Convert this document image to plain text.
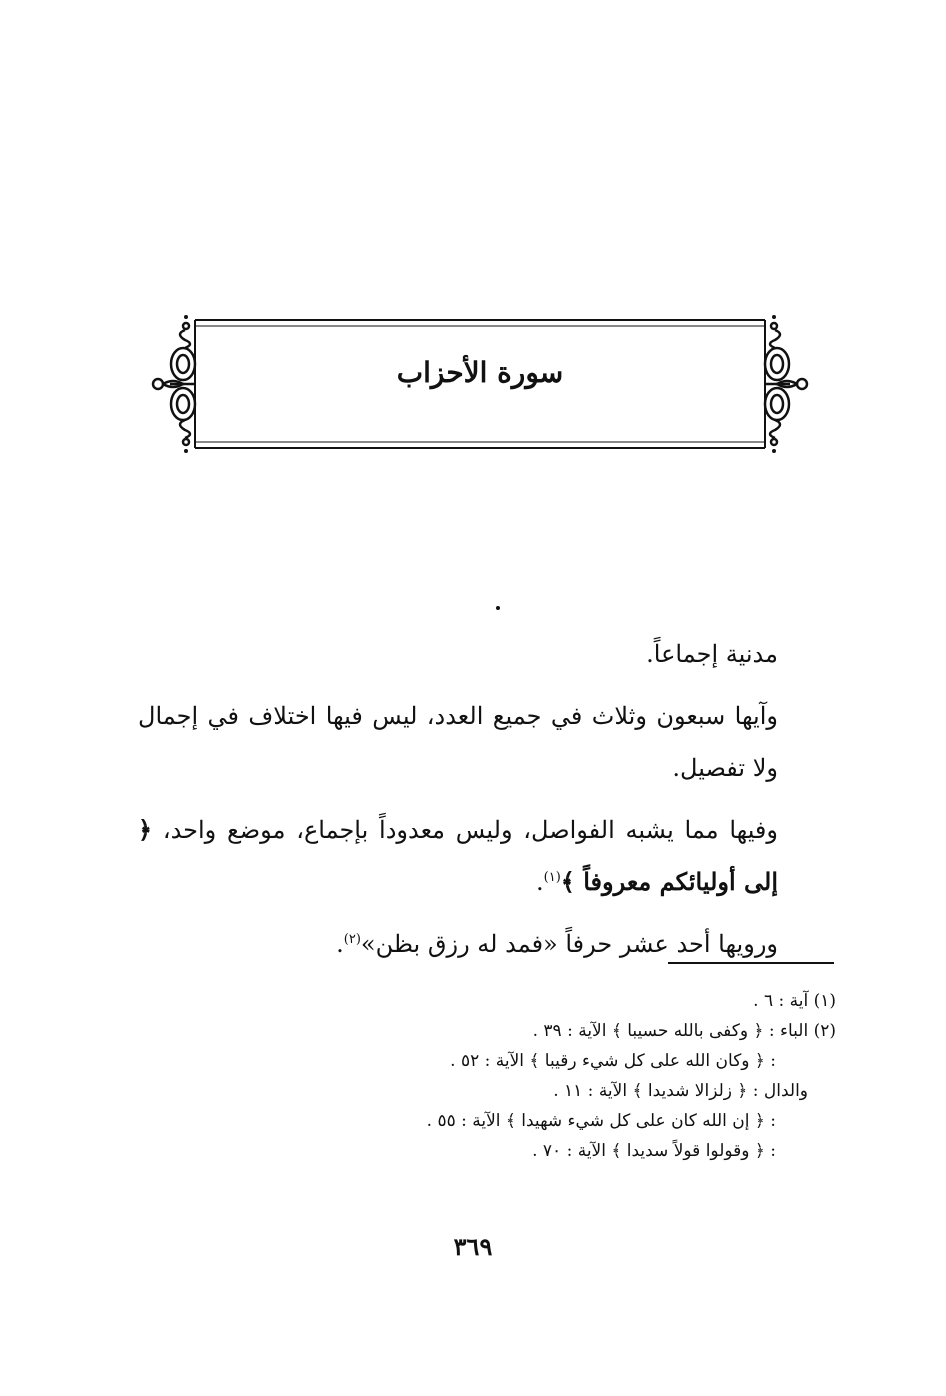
سورة الأحزاب

مدنية إجماعاً.

وآيها سبعون وثلاث في جميع العدد، ليس فيها اختلاف في إجمال ولا تفصيل.

وفيها مما يشبه الفواصل، وليس معدوداً بإجماع، موضع واحد، ﴿ إلى أوليائكم معروفاً ﴾$^{(١)}$.

ورويها أحد عشر حرفاً «فمد له رزق بظن»$^{(٢)}$.

(١) آية : ٦ .
(٢) الباء : ﴿ وكفى بالله حسيبا ﴾ الآية : ٣٩ .
: ﴿ وكان الله على كل شيء رقيبا ﴾ الآية : ٥٢ .
والدال : ﴿ زلزالا شديدا ﴾ الآية : ١١ .
: ﴿ إن الله كان على كل شيء شهيدا ﴾ الآية : ٥٥ .
: ﴿ وقولوا قولاً سديدا ﴾ الآية : ٧٠ .
٣٦٩
